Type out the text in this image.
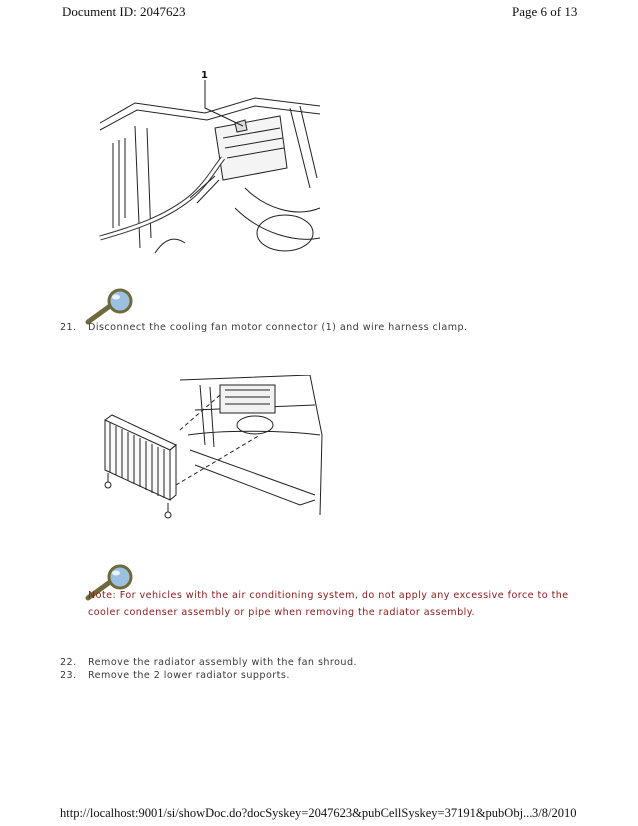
Document ID: 2047623	Page 6 of 13
1
21. Disconnect the cooling fan motor connector (1) and wire harness clamp.
Note: For vehicles with the air conditioning system, do not apply any excessive force to the
cooler condenser assembly or pipe when removing the radiator assembly.
22. Remove the radiator assembly with the fan shroud.
23. Remove the 2 lower radiator supports.
http://localhost:9001/si/showDoc.do?docSyskey=2047623&pubCellSyskey=37191&pubObj... 3/8/2010
